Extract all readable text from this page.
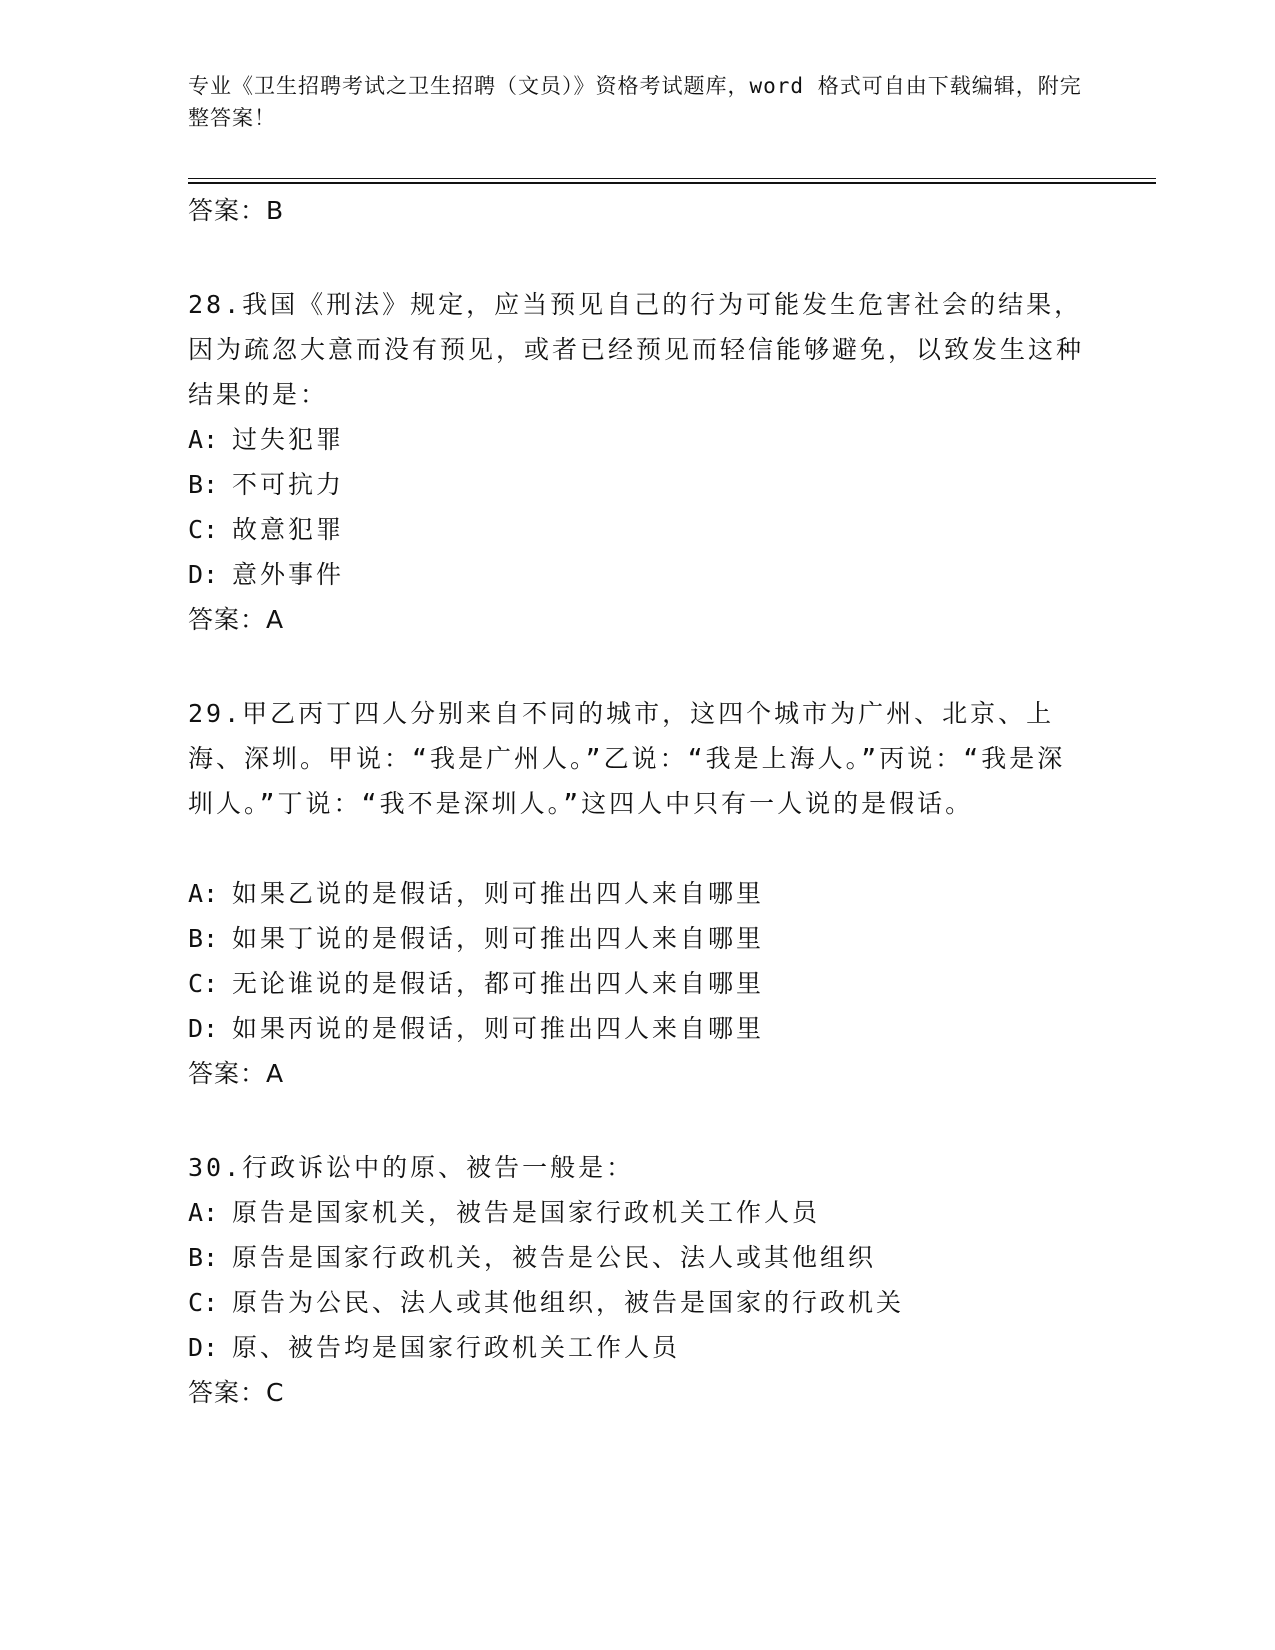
专业《卫生招聘考试之卫生招聘（文员）》资格考试题库，word 格式可自由下载编辑，附完整答案！
答案：B
28.我国《刑法》规定，应当预见自己的行为可能发生危害社会的结果，因为疏忽大意而没有预见，或者已经预见而轻信能够避免，以致发生这种结果的是：
A: 过失犯罪
B: 不可抗力
C: 故意犯罪
D: 意外事件
答案：A
29.甲乙丙丁四人分别来自不同的城市，这四个城市为广州、北京、上海、深圳。甲说：“我是广州人。”乙说：“我是上海人。”丙说：“我是深圳人。”丁说：“我不是深圳人。”这四人中只有一人说的是假话。
A: 如果乙说的是假话，则可推出四人来自哪里
B: 如果丁说的是假话，则可推出四人来自哪里
C: 无论谁说的是假话，都可推出四人来自哪里
D: 如果丙说的是假话，则可推出四人来自哪里
答案：A
30.行政诉讼中的原、被告一般是：
A: 原告是国家机关，被告是国家行政机关工作人员
B: 原告是国家行政机关，被告是公民、法人或其他组织
C: 原告为公民、法人或其他组织，被告是国家的行政机关
D: 原、被告均是国家行政机关工作人员
答案：C
